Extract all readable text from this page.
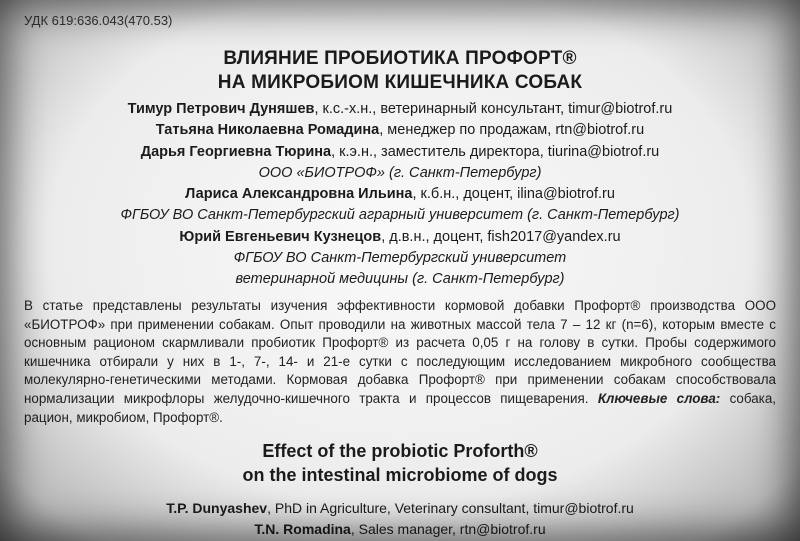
УДК 619:636.043(470.53)
ВЛИЯНИЕ ПРОБИОТИКА ПРОФОРТ®
НА МИКРОБИОМ КИШЕЧНИКА СОБАК
Тимур Петрович Дуняшев, к.с.-х.н., ветеринарный консультант, timur@biotrof.ru
Татьяна Николаевна Ромадина, менеджер по продажам, rtn@biotrof.ru
Дарья Георгиевна Тюрина, к.э.н., заместитель директора, tiurina@biotrof.ru
ООО «БИОТРОФ» (г. Санкт-Петербург)
Лариса Александровна Ильина, к.б.н., доцент, ilina@biotrof.ru
ФГБОУ ВО Санкт-Петербургский аграрный университет (г. Санкт-Петербург)
Юрий Евгеньевич Кузнецов, д.в.н., доцент, fish2017@yandex.ru
ФГБОУ ВО Санкт-Петербургский университет
ветеринарной медицины (г. Санкт-Петербург)
В статье представлены результаты изучения эффективности кормовой добавки Профорт® производства ООО «БИОТРОФ» при применении собакам. Опыт проводили на животных массой тела 7 – 12 кг (n=6), которым вместе с основным рационом скармливали пробиотик Профорт® из расчета 0,05 г на голову в сутки. Пробы содержимого кишечника отбирали у них в 1-, 7-, 14- и 21-е сутки с последующим исследованием микробного сообщества молекулярно-генетическими методами. Кормовая добавка Профорт® при применении собакам способствовала нормализации микрофлоры желудочно-кишечного тракта и процессов пищеварения. Ключевые слова: собака, рацион, микробиом, Профорт®.
Effect of the probiotic Proforth®
on the intestinal microbiome of dogs
T.P. Dunyashev, PhD in Agriculture, Veterinary consultant, timur@biotrof.ru
T.N. Romadina, Sales manager, rtn@biotrof.ru
